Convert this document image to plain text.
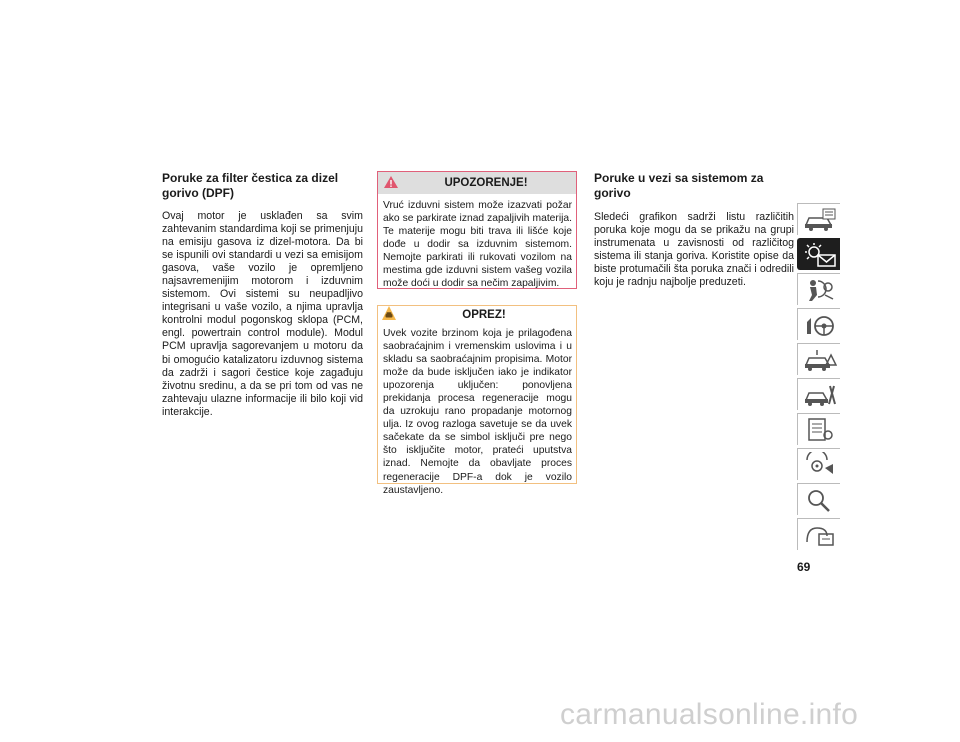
Poruke za filter čestica za dizel gorivo (DPF)
Ovaj motor je usklađen sa svim zahtevanim standardima koji se primenjuju na emisiju gasova iz dizel-motora. Da bi se ispunili ovi standardi u vezi sa emisijom gasova, vaše vozilo je opremljeno najsavremenijim motorom i izduvnim sistemom. Ovi sistemi su neupadljivo integrisani u vaše vozilo, a njima upravlja kontrolni modul pogonskog sklopa (PCM, engl. powertrain control module). Modul PCM upravlja sagorevanjem u motoru da bi omogućio katalizatoru izduvnog sistema da zadrži i sagori čestice koje zagađuju životnu sredinu, a da se pri tom od vas ne zahtevaju ulazne informacije ili bilo koji vid interakcije.
UPOZORENJE!
Vruć izduvni sistem može izazvati požar ako se parkirate iznad zapaljivih materija. Te materije mogu biti trava ili lišće koje dođe u dodir sa izduvnim sistemom. Nemojte parkirati ili rukovati vozilom na mestima gde izduvni sistem vašeg vozila može doći u dodir sa nečim zapaljivim.
OPREZ!
Uvek vozite brzinom koja je prilagođena saobraćajnim i vremenskim uslovima i u skladu sa saobraćajnim propisima. Motor može da bude isključen iako je indikator upozorenja uključen: ponovljena prekidanja procesa regeneracije mogu da uzrokuju rano propadanje motornog ulja. Iz ovog razloga savetuje se da uvek sačekate da se simbol isključi pre nego što isključite motor, prateći uputstva iznad. Nemojte da obavljate proces regeneracije DPF-a dok je vozilo zaustavljeno.
Poruke u vezi sa sistemom za gorivo
Sledeći grafikon sadrži listu različitih poruka koje mogu da se prikažu na grupi instrumenata u zavisnosti od različitog sistema ili stanja goriva. Koristite opise da biste protumačili šta poruka znači i odredili koju je radnju najbolje preduzeti.
69
carmanualsonline.info
